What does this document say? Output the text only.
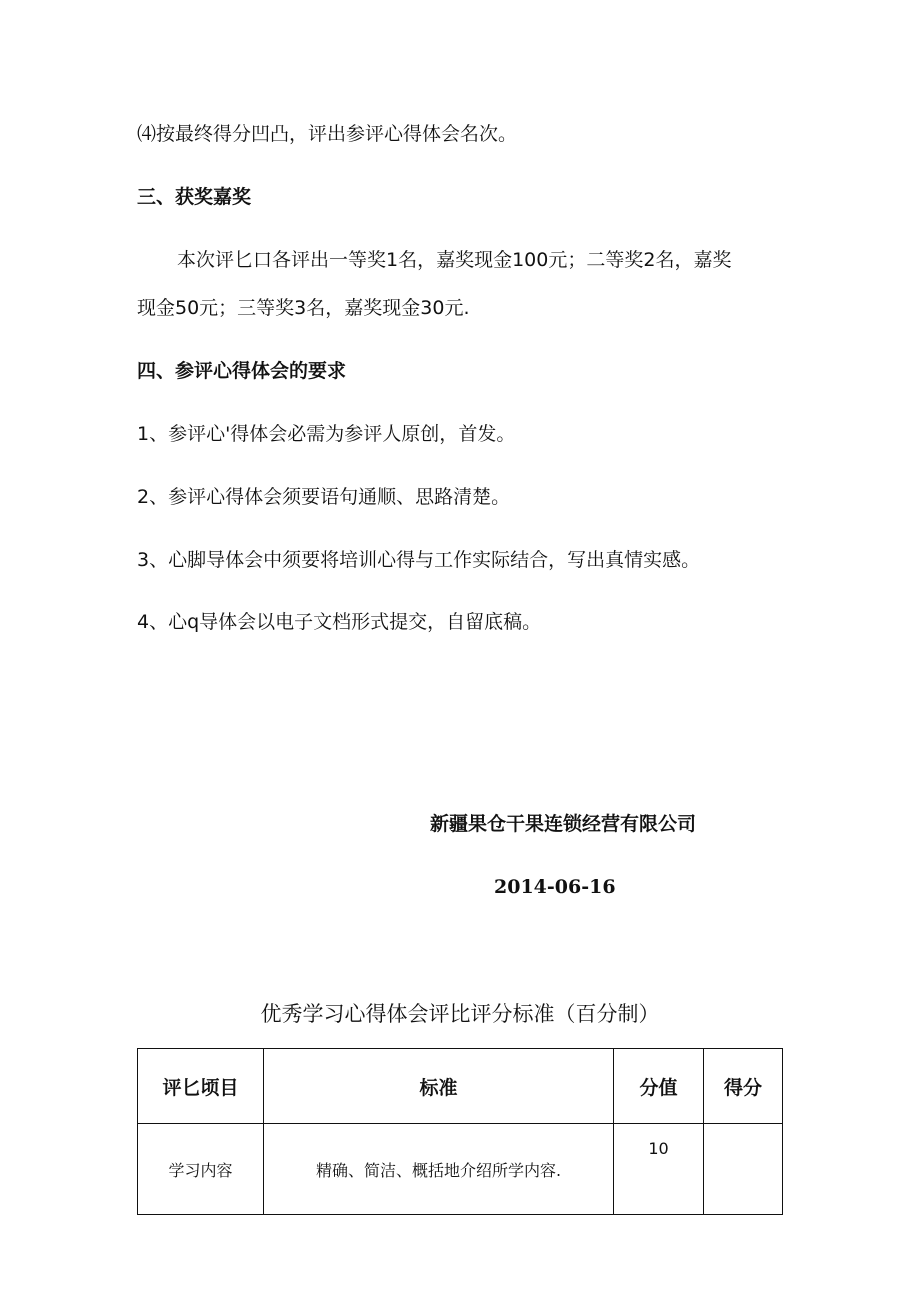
⑷按最终得分凹凸，评出参评心得体会名次。
三、获奖嘉奖
本次评匕口各评出一等奖1名，嘉奖现金100元；二等奖2名，嘉奖
现金50元；三等奖3名，嘉奖现金30元.
四、参评心得体会的要求
1、参评心'得体会必需为参评人原创，首发。
2、参评心得体会须要语句通顺、思路清楚。
3、心脚导体会中须要将培训心得与工作实际结合，写出真情实感。
4、心q导体会以电子文档形式提交，自留底稿。
新疆果仓干果连锁经营有限公司
2014-06-16
优秀学习心得体会评比评分标准（百分制）
评匕顷目	标准	分值	得分
学习内容	精确、简洁、概括地介绍所学内容.	10	
